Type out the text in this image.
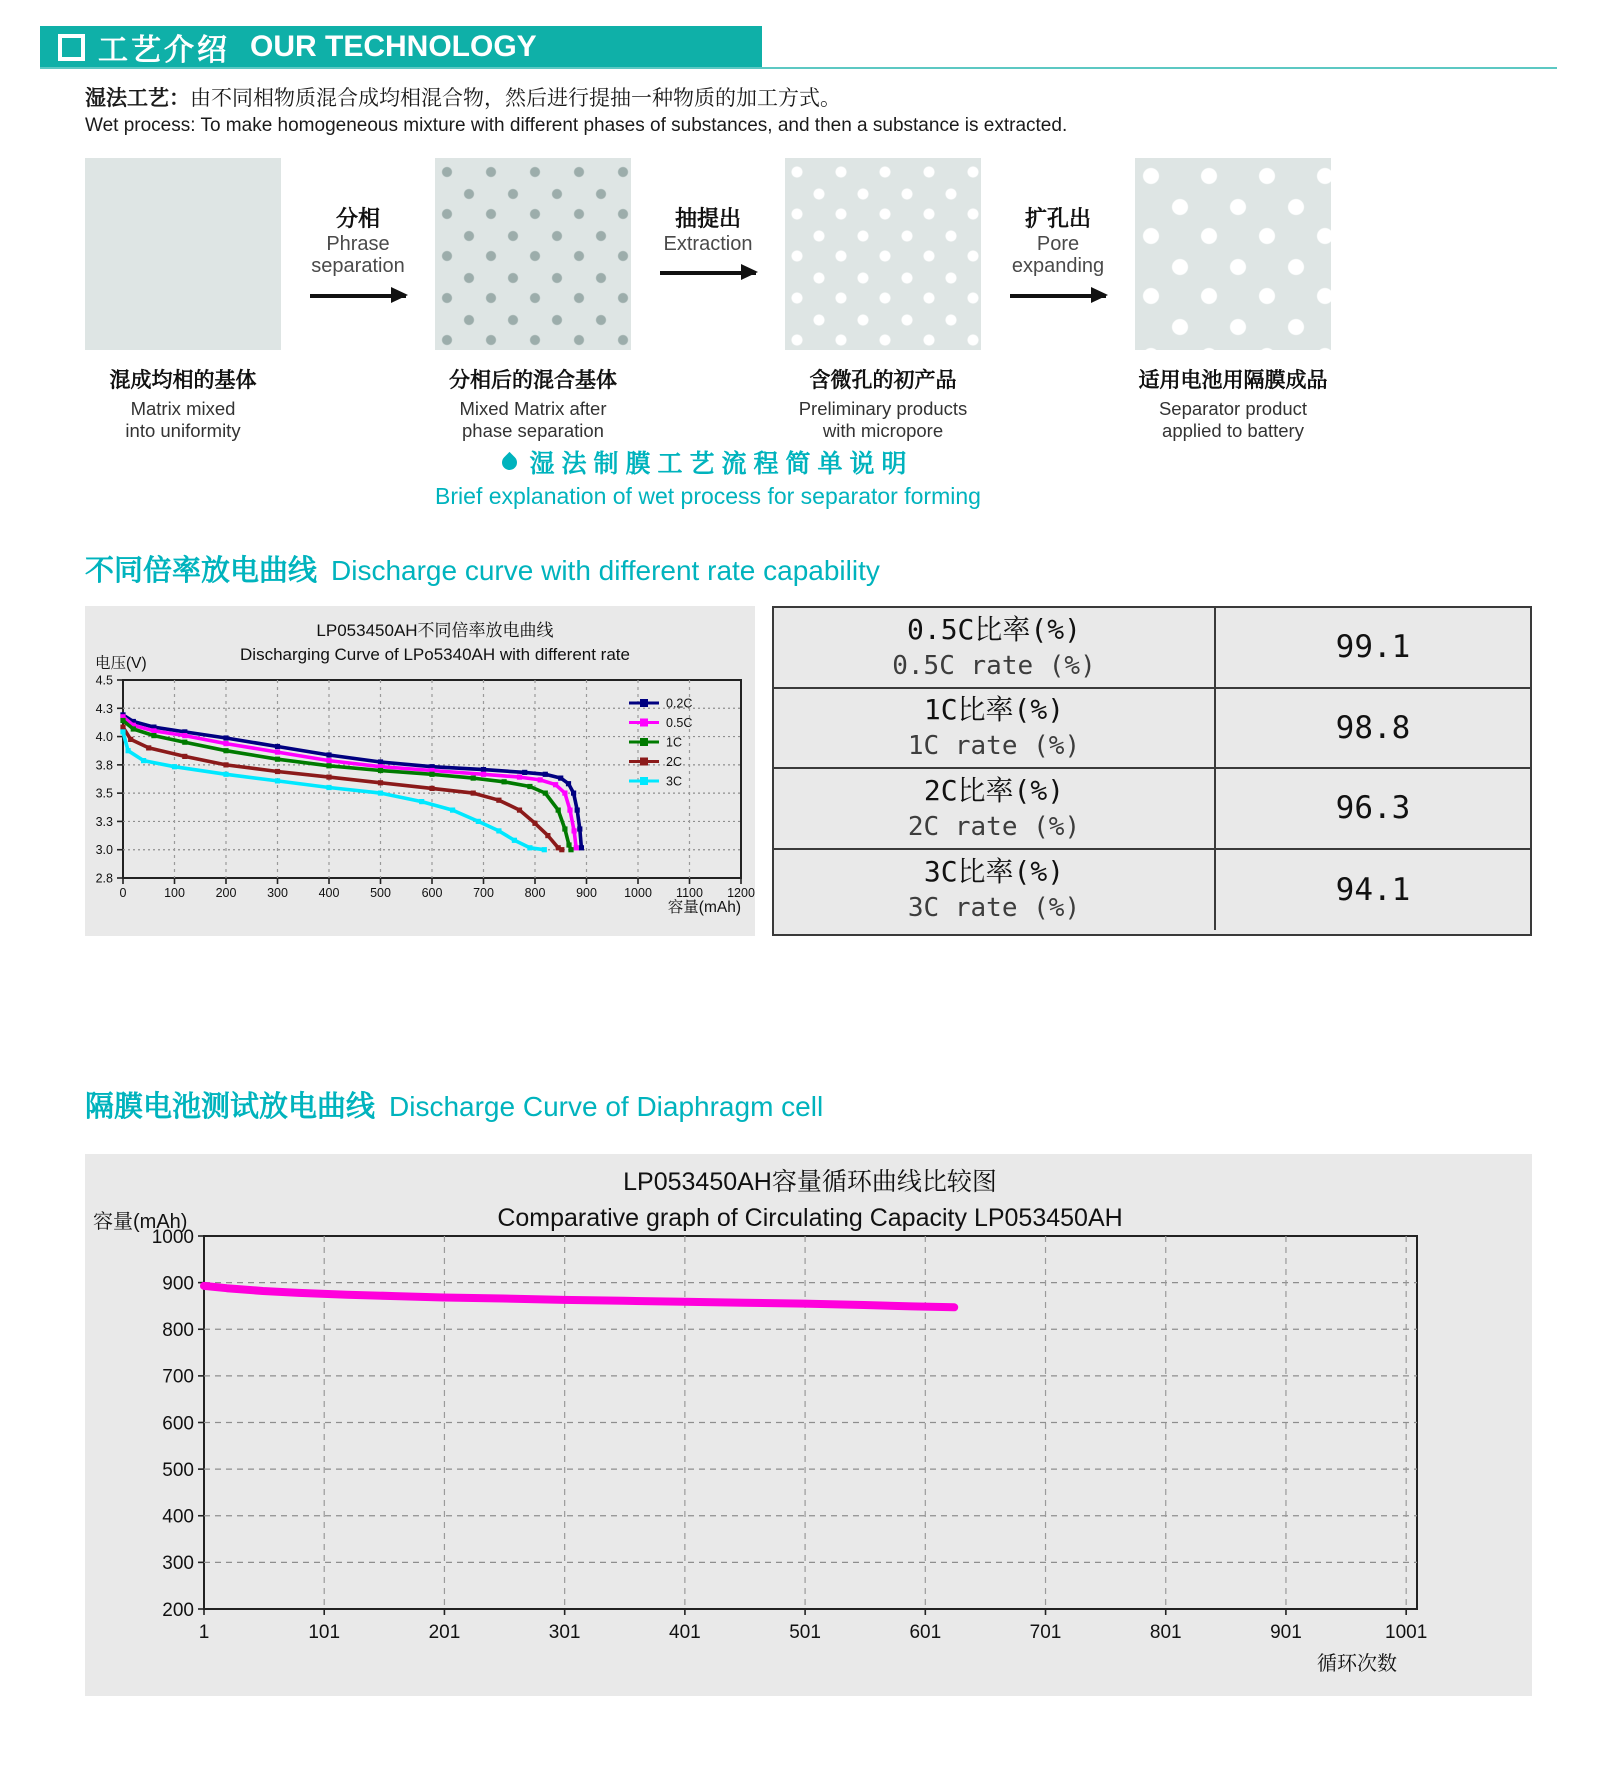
工艺介绍 OUR TECHNOLOGY
湿法工艺：由不同相物质混合成均相混合物，然后进行提抽一种物质的加工方式。
Wet process: To make homogeneous mixture with different phases of substances, and then a substance is extracted.
混成均相的基体
Matrix mixed
into uniformity
分相
Phrase
separation
分相后的混合基体
Mixed Matrix after
phase separation
抽提出
Extraction
含微孔的初产品
Preliminary products
with micropore
扩孔出
Pore
expanding
适用电池用隔膜成品
Separator product
applied to battery
湿法制膜工艺流程简单说明
Brief explanation of wet process for separator forming
不同倍率放电曲线 Discharge curve with different rate capability
LP053450AH不同倍率放电曲线
Discharging Curve of LPo5340AH with different rate
电压(V)
4.5
4.3
4.0
3.8
3.5
3.3
3.0
2.8
0	100 200 300 400 500 600 700 800 900 1000 1100 1200
0.2C
0.5C
1C
2C
3C
容量(mAh)
0.5C比率(%)
0.5C rate (%)
99.1
1C比率(%)
1C rate (%)
98.8
2C比率(%)
2C rate (%)
96.3
3C比率(%)
3C rate (%)
94.1
隔膜电池测试放电曲线 Discharge Curve of Diaphragm cell
LP053450AH容量循环曲线比较图
Comparative graph of Circulating Capacity LP053450AH
容量(mAh)
1000
900
800
700
600
500
400
300
200
1	101	201	301	401	501	601	701	801	901	1001
循环次数
